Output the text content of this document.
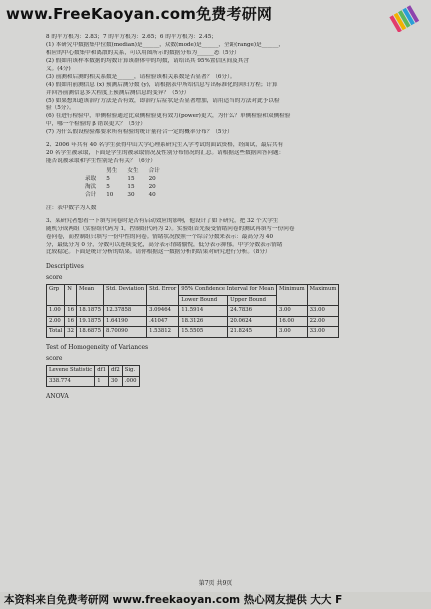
www.FreeKaoyan.com免费考研网
8 的平方根为：2.83；7 的平方根为：2.65；6 的平方根为：2.45；
(1) 本研究中数据集中位数(median)是______，众数(mode)是______，全距(range)是______，
相应的中心数集中和离散的关系，可以用图所示的数据分布为______态（5分）
(2) 假如用该样本数据的均数计算该群体中的均数，请给出其 95%置信区间及其含
义。(4分)
(3) 前测和后测的相关系数是______，请检验该相关系数是否显著？（6分）。
(4) 假如用前测信息 (x) 预测后测分数 (y)，请根据表中所给信息写出标准化的回归方程；计算
并回答前测信息多大程度上预测后测信息的变异？（5分）
(5) 如果想知道该治疗方法是否有效，即治疗后症状是否显著增加，请用适当的方法对此予以检
验（5分）。
(6) 在进行检验中，单侧检验通过比双侧检验更有效力(power)更大，为什么？单侧检验和双侧检验
中，哪一个检验的 β 错误更大？（5分）
(7) 为什么假设检验都要求所有检验的统计量符合一定的概率分布？（5分）
2、2006 年共有 40 名学生获得中山大学心理系研究生入学考试的面试资格，经面试，最后共有
20 名学生被录取，下面是学生的被录取情况及性别分布情况的汇总。请根据这些数据回答问题：
能否说被录取和学生性别是否有关？（6分）
	男生	女生	合计
录取	5	15	20
淘汰	5	15	20
合计	10	30	40
注：表中数字为人数
3、某研究者想看一下填写问卷时是否有启动效应的影响，他设计了如下研究，把 32 个大学生
随机分成两组（实验组代码为 1，控制组代码为 2）。实验组首先接受情绪问卷的测试再填写一份问卷
卷问卷，而控制组只填写一份中性的问卷。情绪状况按照一个综合分数来表示：最高分为 40
分，最低分为 0 分，分数可以连续变化，高分表示情绪愉悦，低分表示抑郁。中学分数表示情绪
比较稳定。下面是统计分析的结果。请你根据这一数据分析的结果对研究进行分析。（8分）
Descriptives
score
Grp	N	Mean	Std. Deviation	Std. Error	95% Confidence Interval for Mean		Minimum	Maximum
					Lower Bound	Upper Bound		
1.00	16	18.1875	12.37858	3.09464	11.5914	24.7836	3.00	33.00
2.00	16	19.1875	1.64190	.41047	18.3126	20.0624	16.00	22.00
Total	32	18.6875	8.70090	1.53812	15.5505	21.8245	3.00	33.00
Test of Homogeneity of Variances
score
Levene Statistic	df1	df2	Sig.
338.774	1	30	.000
ANOVA
第7页 共9页
本资料来自免费考研网 www.freekaoyan.com 热心网友提供 大大 F
